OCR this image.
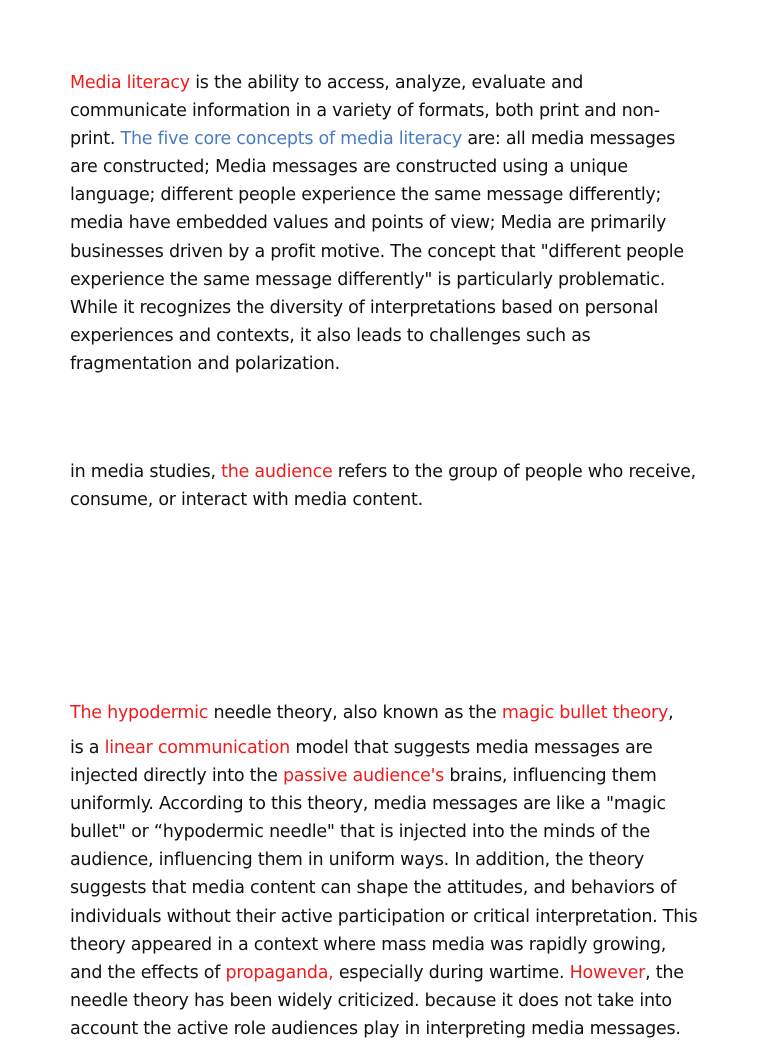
Media literacy is the ability to access, analyze, evaluate and communicate information in a variety of formats, both print and non-print. The five core concepts of media literacy are: all media messages are constructed; Media messages are constructed using a unique language; different people experience the same message differently; media have embedded values and points of view; Media are primarily businesses driven by a profit motive. The concept that "different people experience the same message differently" is particularly problematic. While it recognizes the diversity of interpretations based on personal experiences and contexts, it also leads to challenges such as fragmentation and polarization.

in media studies, the audience refers to the group of people who receive, consume, or interact with media content.

The hypodermic needle theory, also known as the magic bullet theory,

is a linear communication model that suggests media messages are injected directly into the passive audience's brains, influencing them uniformly. According to this theory, media messages are like a "magic bullet" or “hypodermic needle" that is injected into the minds of the audience, influencing them in uniform ways. In addition, the theory suggests that media content can shape the attitudes, and behaviors of individuals without their active participation or critical interpretation. This theory appeared in a context where mass media was rapidly growing, and the effects of propaganda, especially during wartime. However, the needle theory has been widely criticized. because it does not take into account the active role audiences play in interpreting media messages.
